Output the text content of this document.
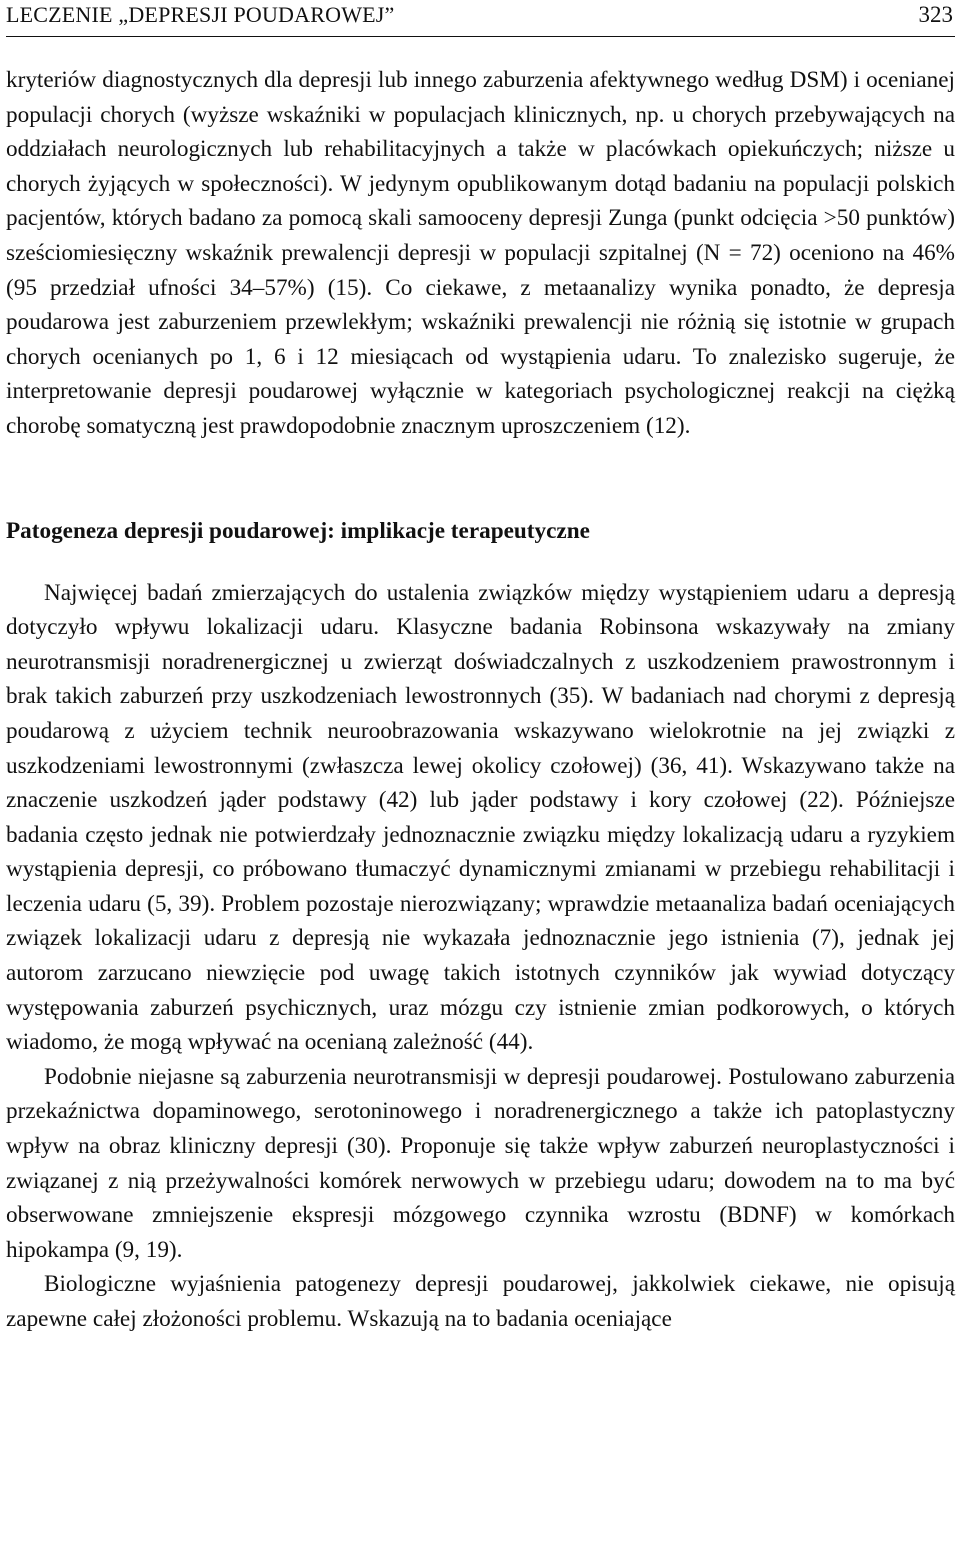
LECZENIE „DEPRESJI POUDAROWEJ”	323

kryteriów diagnostycznych dla depresji lub innego zaburzenia afektywnego według DSM) i ocenianej populacji chorych (wyższe wskaźniki w populacjach klinicznych, np. u chorych przebywających na oddziałach neurologicznych lub rehabilitacyjnych a także w placówkach opiekuńczych; niższe u chorych żyjących w społeczności). W jedynym opublikowanym dotąd badaniu na populacji polskich pacjentów, których badano za pomocą skali samooceny depresji Zunga (punkt odcięcia >50 punktów) sześciomiesięczny wskaźnik prewalencji depresji w populacji szpitalnej (N = 72) oceniono na 46% (95 przedział ufności 34–57%) (15). Co ciekawe, z metaanalizy wynika ponadto, że depresja poudarowa jest zaburzeniem przewlekłym; wskaźniki prewalencji nie różnią się istotnie w grupach chorych ocenianych po 1, 6 i 12 miesiącach od wystąpienia udaru. To znalezisko sugeruje, że interpretowanie depresji poudarowej wyłącznie w kategoriach psychologicznej reakcji na ciężką chorobę somatyczną jest prawdopodobnie znacznym uproszczeniem (12).

Patogeneza depresji poudarowej: implikacje terapeutyczne

Najwięcej badań zmierzających do ustalenia związków między wystąpieniem udaru a depresją dotyczyło wpływu lokalizacji udaru. Klasyczne badania Robinsona wskazywały na zmiany neurotransmisji noradrenergicznej u zwierząt doświadczalnych z uszkodzeniem prawostronnym i brak takich zaburzeń przy uszkodzeniach lewostronnych (35). W badaniach nad chorymi z depresją poudarową z użyciem technik neuroobrazowania wskazywano wielokrotnie na jej związki z uszkodzeniami lewostronnymi (zwłaszcza lewej okolicy czołowej) (36, 41). Wskazywano także na znaczenie uszkodzeń jąder podstawy (42) lub jąder podstawy i kory czołowej (22). Późniejsze badania często jednak nie potwierdzały jednoznacznie związku między lokalizacją udaru a ryzykiem wystąpienia depresji, co próbowano tłumaczyć dynamicznymi zmianami w przebiegu rehabilitacji i leczenia udaru (5, 39). Problem pozostaje nierozwiązany; wprawdzie metaanaliza badań oceniających związek lokalizacji udaru z depresją nie wykazała jednoznacznie jego istnienia (7), jednak jej autorom zarzucano niewzięcie pod uwagę takich istotnych czynników jak wywiad dotyczący występowania zaburzeń psychicznych, uraz mózgu czy istnienie zmian podkorowych, o których wiadomo, że mogą wpływać na ocenianą zależność (44).

Podobnie niejasne są zaburzenia neurotransmisji w depresji poudarowej. Postulowano zaburzenia przekaźnictwa dopaminowego, serotoninowego i noradrenergicznego a także ich patoplastyczny wpływ na obraz kliniczny depresji (30). Proponuje się także wpływ zaburzeń neuroplastyczności i związanej z nią przeżywalności komórek nerwowych w przebiegu udaru; dowodem na to ma być obserwowane zmniejszenie ekspresji mózgowego czynnika wzrostu (BDNF) w komórkach hipokampa (9, 19).

Biologiczne wyjaśnienia patogenezy depresji poudarowej, jakkolwiek ciekawe, nie opisują zapewne całej złożoności problemu. Wskazują na to badania oceniające
